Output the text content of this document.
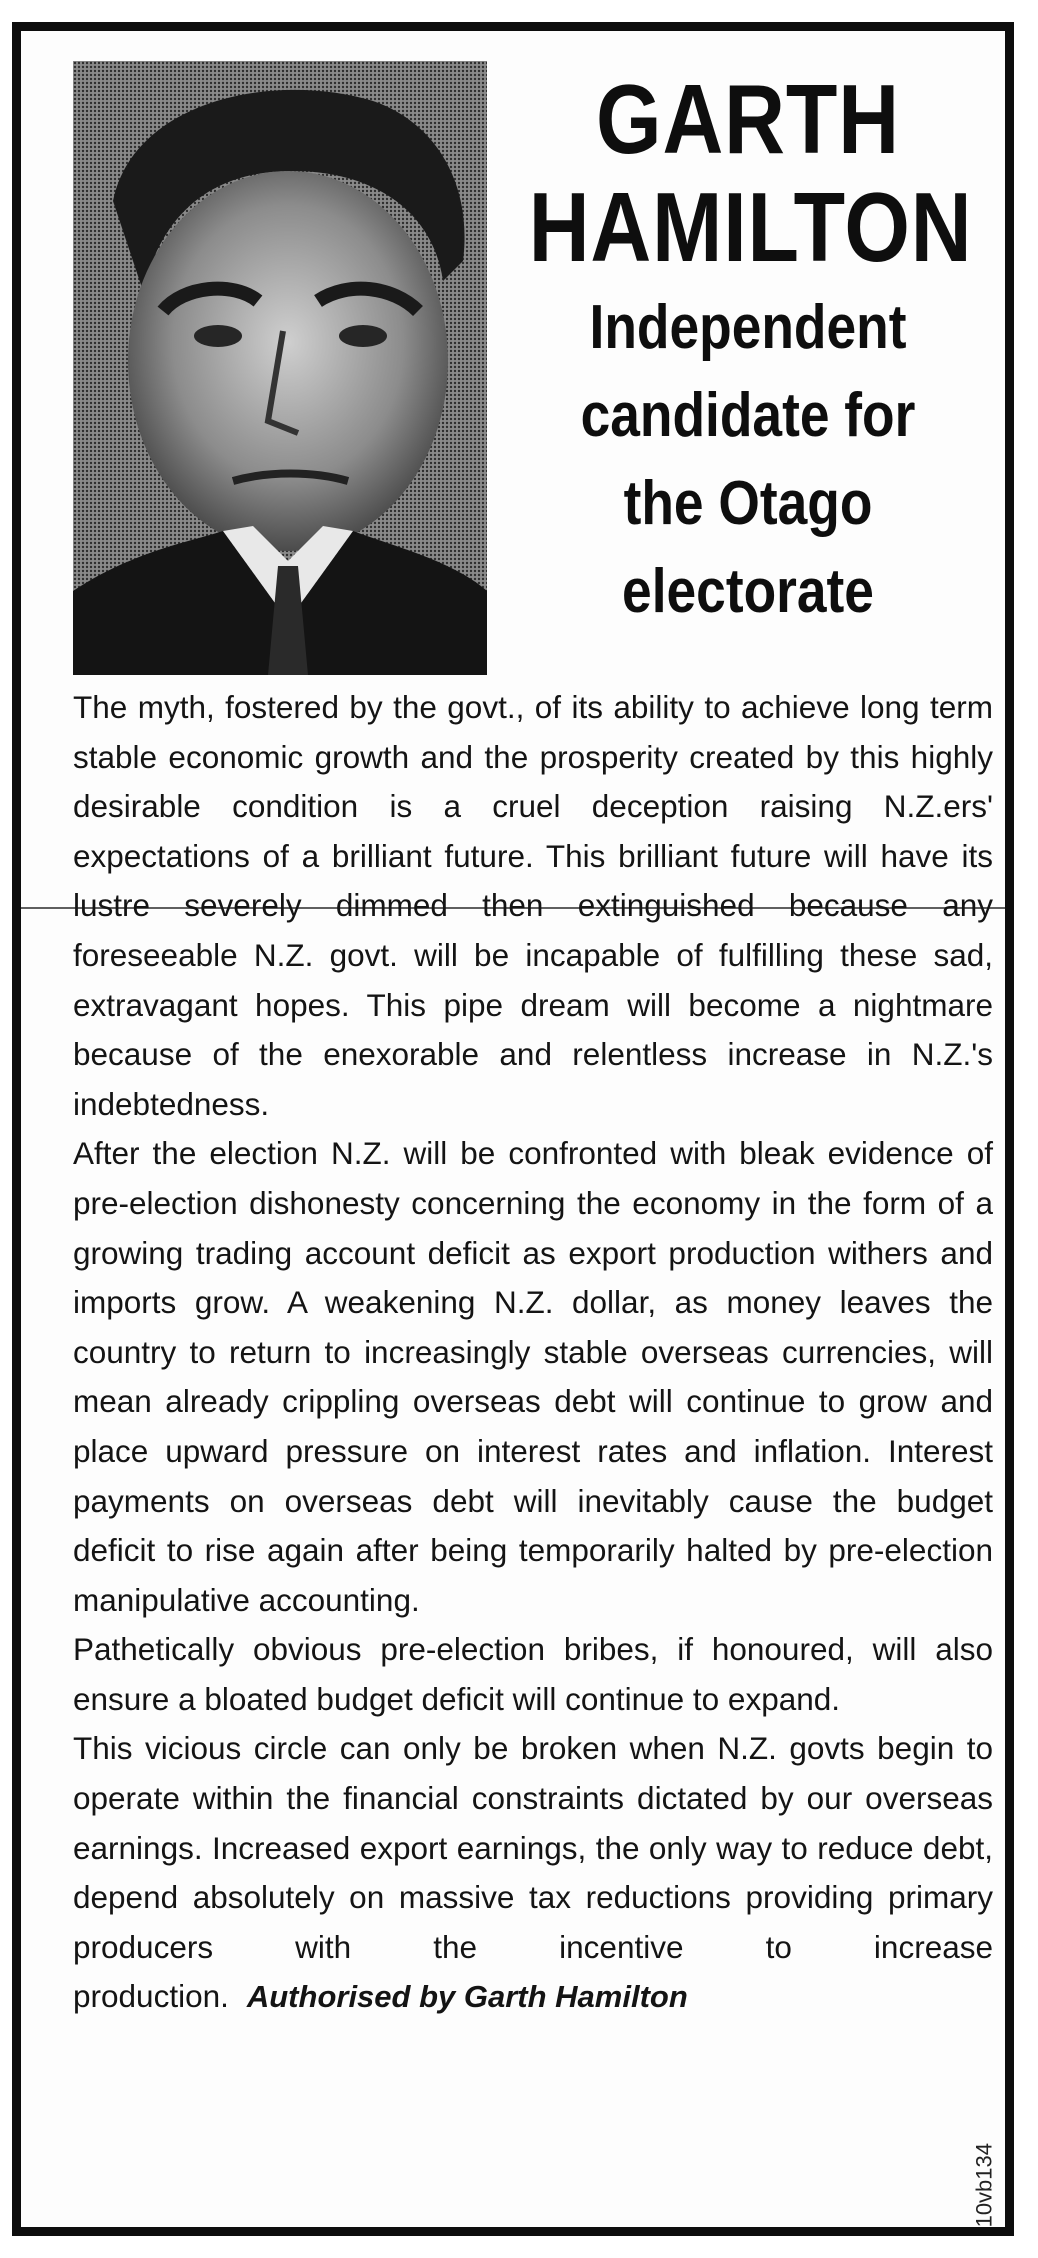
GARTH
HAMILTON
Independent
candidate for
the Otago
electorate

The myth, fostered by the govt., of its ability to achieve long term stable economic growth and the prosperity created by this highly desirable condition is a cruel deception raising N.Z.ers' expectations of a brilliant future. This brilliant future will have its lustre severely dimmed then extinguished because any foreseeable N.Z. govt. will be incapable of fulfilling these sad, extravagant hopes. This pipe dream will become a nightmare because of the enexorable and relentless increase in N.Z.'s indebtedness.

After the election N.Z. will be confronted with bleak evidence of pre-election dishonesty concerning the economy in the form of a growing trading account deficit as export production withers and imports grow. A weakening N.Z. dollar, as money leaves the country to return to increasingly stable overseas currencies, will mean already crippling overseas debt will continue to grow and place upward pressure on interest rates and inflation. Interest payments on overseas debt will inevitably cause the budget deficit to rise again after being temporarily halted by pre-election manipulative accounting.

Pathetically obvious pre-election bribes, if honoured, will also ensure a bloated budget deficit will continue to expand.

This vicious circle can only be broken when N.Z. govts begin to operate within the financial constraints dictated by our overseas earnings. Increased export earnings, the only way to reduce debt, depend absolutely on massive tax reductions providing primary producers with the incentive to increase production. Authorised by Garth Hamilton

10vb134
